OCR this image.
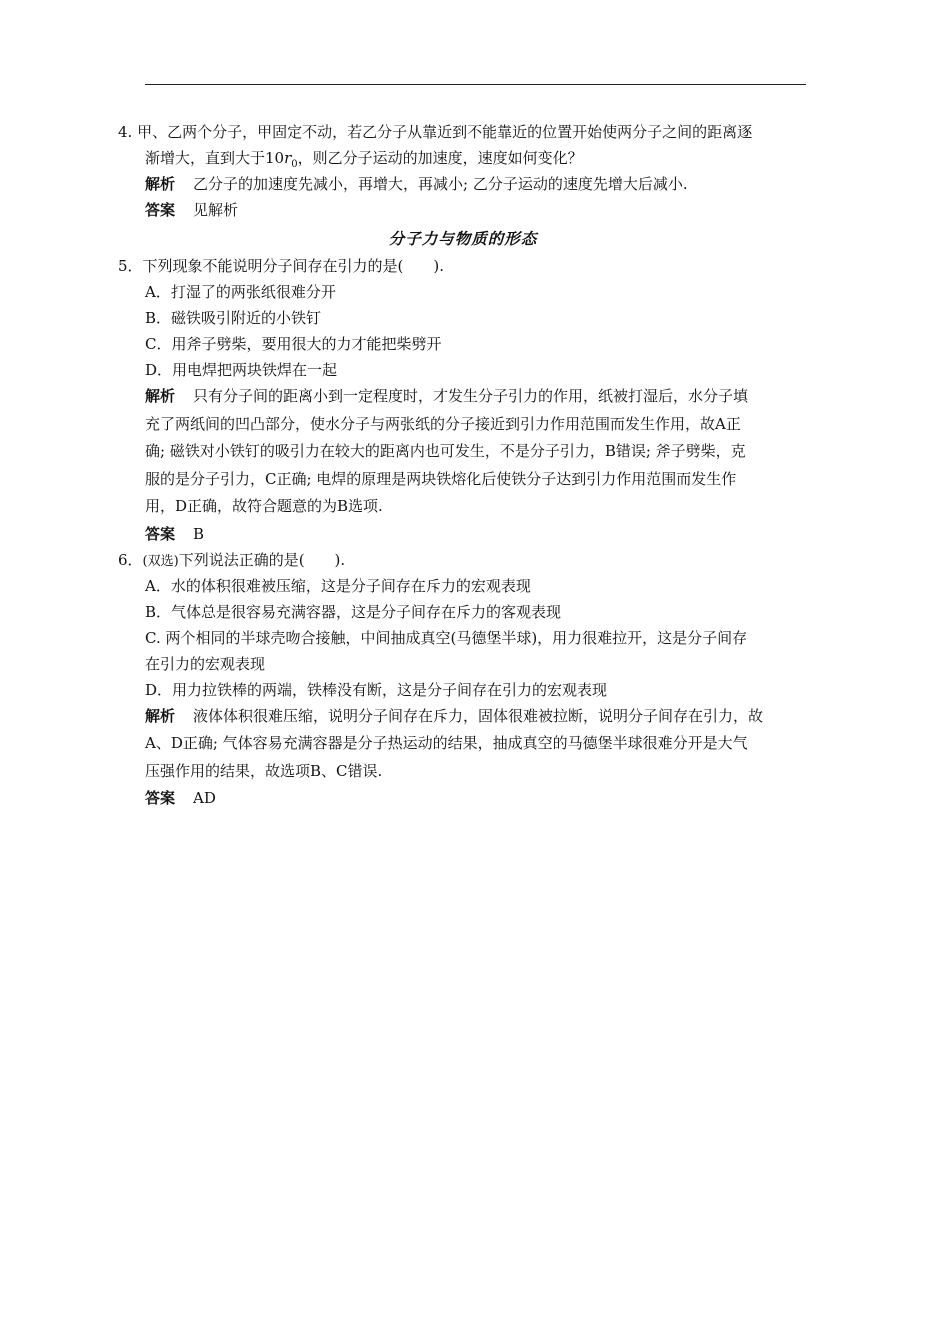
4. 甲、乙两个分子，甲固定不动，若乙分子从靠近到不能靠近的位置开始使两分子之间的距离逐
渐增大，直到大于$10r_0$，则乙分子运动的加速度，速度如何变化？
解析 乙分子的加速度先减小，再增大，再减小; 乙分子运动的速度先增大后减小.
答案 见解析
分子力与物质的形态
5．下列现象不能说明分子间存在引力的是(　　).
A．打湿了的两张纸很难分开
B．磁铁吸引附近的小铁钉
C．用斧子劈柴，要用很大的力才能把柴劈开
D．用电焊把两块铁焊在一起
解析 只有分子间的距离小到一定程度时，才发生分子引力的作用，纸被打湿后，水分子填
充了两纸间的凹凸部分，使水分子与两张纸的分子接近到引力作用范围而发生作用，故A正
确; 磁铁对小铁钉的吸引力在较大的距离内也可发生，不是分子引力，B错误; 斧子劈柴，克
服的是分子引力，C正确; 电焊的原理是两块铁熔化后使铁分子达到引力作用范围而发生作
用，D正确，故符合题意的为B选项.
答案 B
6．(双选)下列说法正确的是(　　).
A．水的体积很难被压缩，这是分子间存在斥力的宏观表现
B．气体总是很容易充满容器，这是分子间存在斥力的客观表现
C. 两个相同的半球壳吻合接触，中间抽成真空(马德堡半球)，用力很难拉开，这是分子间存
在引力的宏观表现
D．用力拉铁棒的两端，铁棒没有断，这是分子间存在引力的宏观表现
解析 液体体积很难压缩，说明分子间存在斥力，固体很难被拉断，说明分子间存在引力，故
A、D正确; 气体容易充满容器是分子热运动的结果，抽成真空的马德堡半球很难分开是大气
压强作用的结果，故选项B、C错误.
答案 AD
